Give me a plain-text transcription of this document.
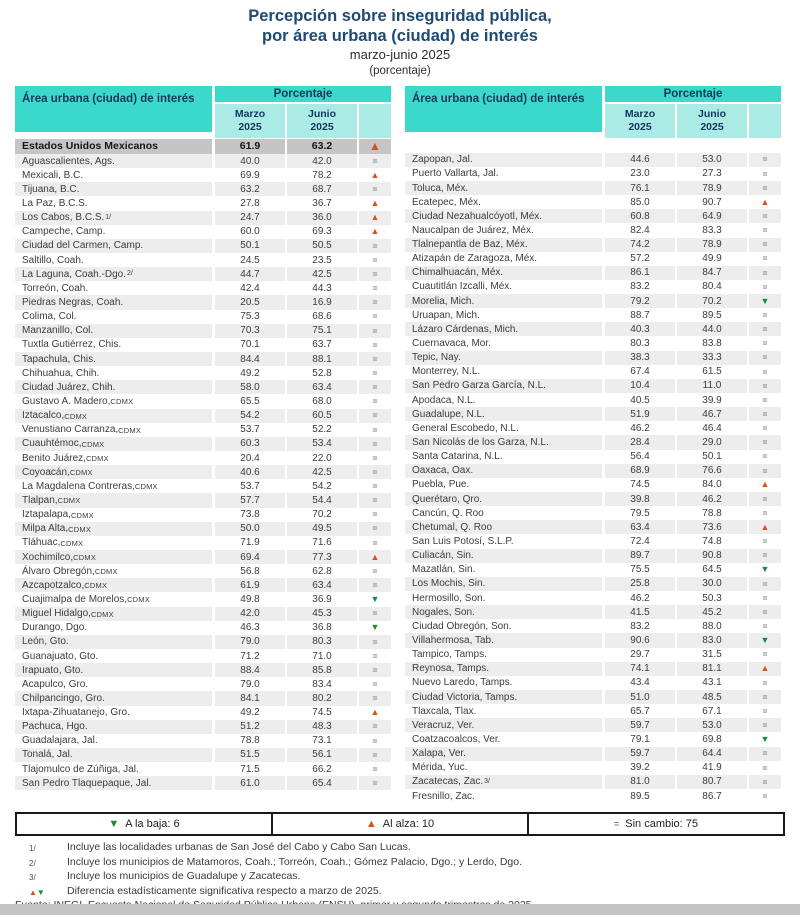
Percepción sobre inseguridad pública,
por área urbana (ciudad) de interés
marzo-junio 2025
(porcentaje)
Área urbana (ciudad) de interés	Porcentaje
Marzo
2025
Junio
2025
Estados Unidos Mexicanos	61.9	63.2	▲
Aguascalientes, Ags.	40.0	42.0	=
Mexicali, B.C.	69.9	78.2	▲
Tijuana, B.C.	63.2	68.7	=
La Paz, B.C.S.	27.8	36.7	▲
Los Cabos, B.C.S. 1/	24.7	36.0	▲
Campeche, Camp.	60.0	69.3	▲
Ciudad del Carmen, Camp.	50.1	50.5	=
Saltillo, Coah.	24.5	23.5	=
La Laguna, Coah.-Dgo. 2/	44.7	42.5	=
Torreón, Coah.	42.4	44.3	=
Piedras Negras, Coah.	20.5	16.9	=
Colima, Col.	75.3	68.6	=
Manzanillo, Col.	70.3	75.1	=
Tuxtla Gutiérrez, Chis.	70.1	63.7	=
Tapachula, Chis.	84.4	88.1	=
Chihuahua, Chih.	49.2	52.8	=
Ciudad Juárez, Chih.	58.0	63.4	=
Gustavo A. Madero, CDMX	65.5	68.0	=
Iztacalco, CDMX	54.2	60.5	=
Venustiano Carranza, CDMX	53.7	52.2	=
Cuauhtémoc, CDMX	60.3	53.4	=
Benito Juárez, CDMX	20.4	22.0	=
Coyoacán, CDMX	40.6	42.5	=
La Magdalena Contreras, CDMX	53.7	54.2	=
Tlalpan, CDMX	57.7	54.4	=
Iztapalapa, CDMX	73.8	70.2	=
Milpa Alta, CDMX	50.0	49.5	=
Tláhuac, CDMX	71.9	71.6	=
Xochimilco, CDMX	69.4	77.3	▲
Álvaro Obregón, CDMX	56.8	62.8	=
Azcapotzalco, CDMX	61.9	63.4	=
Cuajimalpa de Morelos, CDMX	49.8	36.9	▼
Miguel Hidalgo, CDMX	42.0	45.3	=
Durango, Dgo.	46.3	36.8	▼
León, Gto.	79.0	80.3	=
Guanajuato, Gto.	71.2	71.0	=
Irapuato, Gto.	88.4	85.8	=
Acapulco, Gro.	79.0	83.4	=
Chilpancingo, Gro.	84.1	80.2	=
Ixtapa-Zihuatanejo, Gro.	49.2	74.5	▲
Pachuca, Hgo.	51.2	48.3	=
Guadalajara, Jal.	78.8	73.1	=
Tonalá, Jal.	51.5	56.1	=
Tlajomulco de Zúñiga, Jal.	71.5	66.2	=
San Pedro Tlaquepaque, Jal.	61.0	65.4	=
Área urbana (ciudad) de interés	Porcentaje
Marzo
2025
Junio
2025
Zapopan, Jal.	44.6	53.0	=
Puerto Vallarta, Jal.	23.0	27.3	=
Toluca, Méx.	76.1	78.9	=
Ecatepec, Méx.	85.0	90.7	▲
Ciudad Nezahualcóyotl, Méx.	60.8	64.9	=
Naucalpan de Juárez, Méx.	82.4	83.3	=
Tlalnepantla de Baz, Méx.	74.2	78.9	=
Atizapán de Zaragoza, Méx.	57.2	49.9	=
Chimalhuacán, Méx.	86.1	84.7	=
Cuautitlán Izcalli, Méx.	83.2	80.4	=
Morelia, Mich.	79.2	70.2	▼
Uruapan, Mich.	88.7	89.5	=
Lázaro Cárdenas, Mich.	40.3	44.0	=
Cuernavaca, Mor.	80.3	83.8	=
Tepic, Nay.	38.3	33.3	=
Monterrey, N.L.	67.4	61.5	=
San Pedro Garza García, N.L.	10.4	11.0	=
Apodaca, N.L.	40.5	39.9	=
Guadalupe, N.L.	51.9	46.7	=
General Escobedo, N.L.	46.2	46.4	=
San Nicolás de los Garza, N.L.	28.4	29.0	=
Santa Catarina, N.L.	56.4	50.1	=
Oaxaca, Oax.	68.9	76.6	=
Puebla, Pue.	74.5	84.0	▲
Querétaro, Qro.	39.8	46.2	=
Cancún, Q. Roo	79.5	78.8	=
Chetumal, Q. Roo	63.4	73.6	▲
San Luis Potosí, S.L.P.	72.4	74.8	=
Culiacán, Sin.	89.7	90.8	=
Mazatlán, Sin.	75.5	64.5	▼
Los Mochis, Sin.	25.8	30.0	=
Hermosillo, Son.	46.2	50.3	=
Nogales, Son.	41.5	45.2	=
Ciudad Obregón, Son.	83.2	88.0	=
Villahermosa, Tab.	90.6	83.0	▼
Tampico, Tamps.	29.7	31.5	=
Reynosa, Tamps.	74.1	81.1	▲
Nuevo Laredo, Tamps.	43.4	43.1	=
Ciudad Victoria, Tamps.	51.0	48.5	=
Tlaxcala, Tlax.	65.7	67.1	=
Veracruz, Ver.	59.7	53.0	=
Coatzacoalcos, Ver.	79.1	69.8	▼
Xalapa, Ver.	59.7	64.4	=
Mérida, Yuc.	39.2	41.9	=
Zacatecas, Zac. 3/	81.0	80.7	=
Fresnillo, Zac.	89.5	86.7	=
▼ A la baja: 6	▲ Al alza: 10	= Sin cambio: 75
1/	Incluye las localidades urbanas de San José del Cabo y Cabo San Lucas.
2/	Incluye los municipios de Matamoros, Coah.; Torreón, Coah.; Gómez Palacio, Dgo.; y Lerdo, Dgo.
3/	Incluye los municipios de Guadalupe y Zacatecas.
▲▼	Diferencia estadísticamente significativa respecto a marzo de 2025.
